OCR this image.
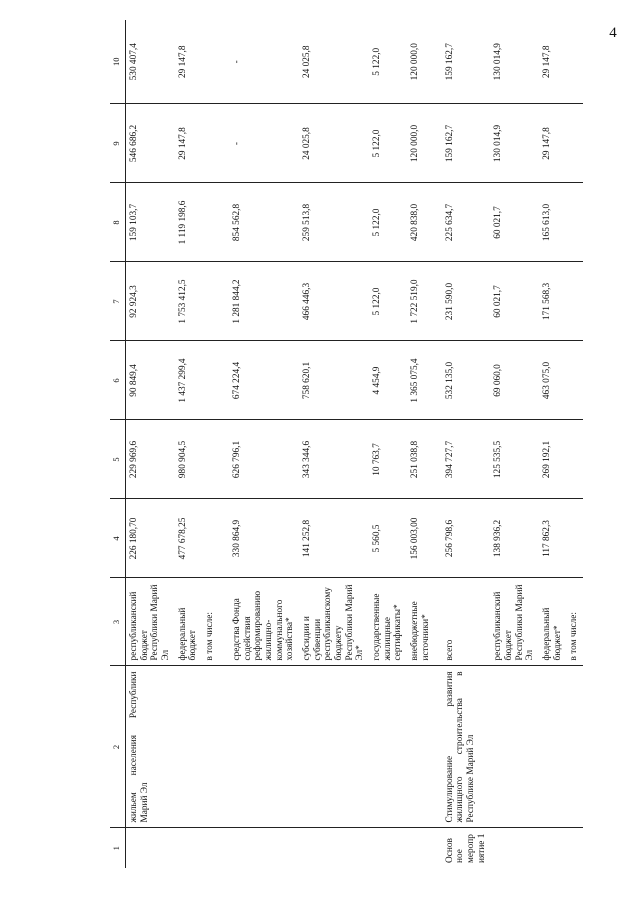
4
1	2	3	4	5	6	7	8	9	10
	жильем населения Республики Марий Эл	республиканский бюджет Республики Марий Эл	226 180,70	229 969,6	90 849,4	92 924,3	159 103,7	546 686,2	530 407,4
		федеральный бюджет	477 678,25	980 904,5	1 437 299,4	1 753 412,5	1 119 198,6	29 147,8	29 147,8
		в том числе:							

		средства Фонда содействия реформированию жилищно-коммунального хозяйства*	330 864,9	626 796,1	674 224,4	1 281 844,2	854 562,8	-	-
		субсидии и субвенции республиканскому бюджету Республики Марий Эл*	141 252,8	343 344,6	758 620,1	466 446,3	259 513,8	24 025,8	24 025,8
		государственные жилищные сертификаты*	5 560,5	10 763,7	4 454,9	5 122,0	5 122,0	5 122,0	5 122,0
		внебюджетные источники*	156 003,00	251 038,8	1 365 075,4	1 722 519,0	420 838,0	120 000,0	120 000,0
Основное мероприятие 1	Стимулирование развития жилищного строительства в Республике Марий Эл	всего	256 798,6	394 727,7	532 135,0	231 590,0	225 634,7	159 162,7	159 162,7
		республиканский бюджет Республики Марий Эл	138 936,2	125 535,5	69 060,0	60 021,7	60 021,7	130 014,9	130 014,9
		федеральный бюджет*	117 862,3	269 192,1	463 075,0	171 568,3	165 613,0	29 147,8	29 147,8
		в том числе:							
